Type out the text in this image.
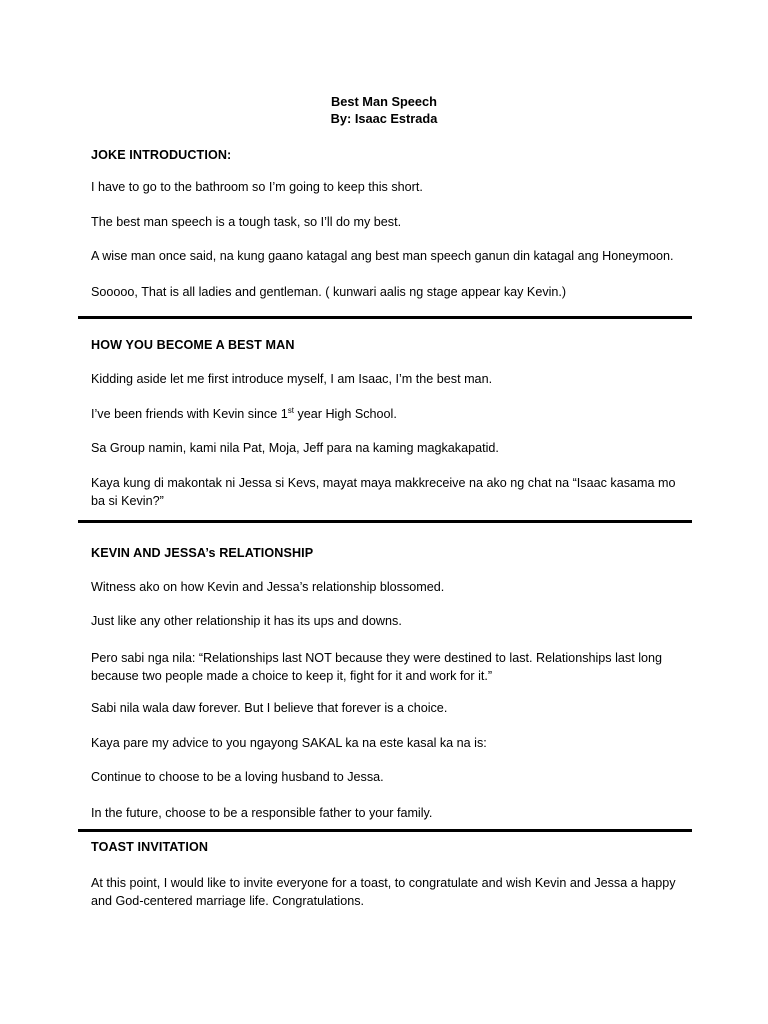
Best Man Speech
By: Isaac Estrada
JOKE INTRODUCTION:
I have to go to the bathroom so I’m going to keep this short.
The best man speech is a tough task, so I’ll do my best.
A wise man once said, na kung gaano katagal ang best man speech ganun din katagal ang Honeymoon.
Sooooo, That is all ladies and gentleman. ( kunwari aalis ng stage appear kay Kevin.)
HOW YOU BECOME A BEST MAN
Kidding aside let me first introduce myself, I am Isaac, I’m the best man.
I’ve been friends with Kevin since 1st year High School.
Sa Group namin, kami nila Pat, Moja, Jeff para na kaming magkakapatid.
Kaya kung di makontak ni Jessa si Kevs, mayat maya makkreceive na ako ng chat na “Isaac kasama mo ba si Kevin?”
KEVIN AND JESSA’s RELATIONSHIP
Witness ako on how Kevin and Jessa’s relationship blossomed.
Just like any other relationship it has its ups and downs.
Pero sabi nga nila: “Relationships last NOT because they were destined to last. Relationships last long because two people made a choice to keep it, fight for it and work for it.”
Sabi nila wala daw forever. But I believe that forever is a choice.
Kaya pare my advice to you ngayong SAKAL ka na este kasal ka na is:
Continue to choose to be a loving husband to Jessa.
In the future, choose to be a responsible father to your family.
TOAST INVITATION
At this point, I would like to invite everyone for a toast, to congratulate and wish Kevin and Jessa a happy and God-centered marriage life. Congratulations.
